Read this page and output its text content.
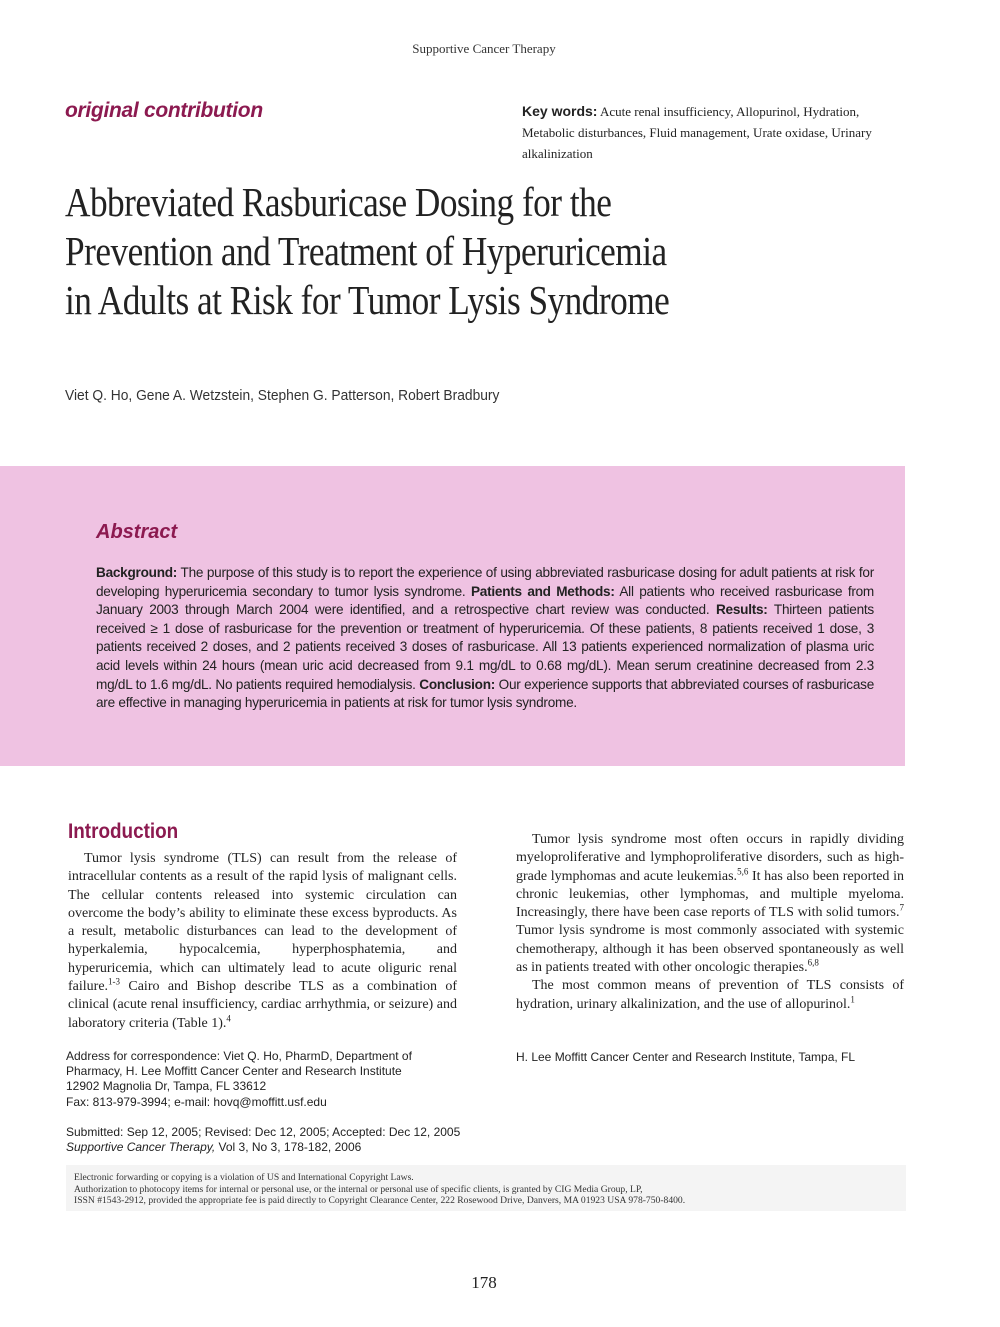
Supportive Cancer Therapy
original contribution	Key words: Acute renal insufficiency, Allopurinol, Hydration,
Metabolic disturbances, Fluid management, Urate oxidase, Urinary alkalinization
Abbreviated Rasburicase Dosing for the
Prevention and Treatment of Hyperuricemia
in Adults at Risk for Tumor Lysis Syndrome
Viet Q. Ho, Gene A. Wetzstein, Stephen G. Patterson, Robert Bradbury
Abstract
Background: The purpose of this study is to report the experience of using abbreviated rasburicase dosing for adult patients at risk for developing hyperuricemia secondary to tumor lysis syndrome. Patients and Methods: All patients who received rasburicase from January 2003 through March 2004 were identified, and a retrospective chart review was conducted. Results: Thirteen patients received ≥ 1 dose of rasburicase for the prevention or treatment of hyperuricemia. Of these patients, 8 patients received 1 dose, 3 patients received 2 doses, and 2 patients received 3 doses of rasburicase. All 13 patients experienced normalization of plasma uric acid levels within 24 hours (mean uric acid decreased from 9.1 mg/dL to 0.68 mg/dL). Mean serum creatinine decreased from 2.3 mg/dL to 1.6 mg/dL. No patients required hemodialysis. Conclusion: Our experience supports that abbreviated courses of rasburicase are effective in managing hyperuricemia in patients at risk for tumor lysis syndrome.
Introduction

Tumor lysis syndrome (TLS) can result from the release of intracellular contents as a result of the rapid lysis of malignant cells. The cellular contents released into systemic circulation can overcome the body’s ability to eliminate these excess byproducts. As a result, metabolic disturbances can lead to the development of hyperkalemia, hypocalcemia, hyperphosphatemia, and hyperuricemia, which can ultimately lead to acute oliguric renal failure.$^{1-3}$ Cairo and Bishop describe TLS as a combination of clinical (acute renal insufficiency, cardiac arrhythmia, or seizure) and laboratory criteria (Table 1).$^4$

Tumor lysis syndrome most often occurs in rapidly dividing myeloproliferative and lymphoproliferative disorders, such as high-grade lymphomas and acute leukemias.$^{5,6}$ It has also been reported in chronic leukemias, other lymphomas, and multiple myeloma. Increasingly, there have been case reports of TLS with solid tumors.$^7$ Tumor lysis syndrome is most commonly associated with systemic chemotherapy, although it has been observed spontaneously as well as in patients treated with other oncologic therapies.$^{6,8}$

The most common means of prevention of TLS consists of hydration, urinary alkalinization, and the use of allopurinol.$^1$

Address for correspondence: Viet Q. Ho, PharmD, Department of
Pharmacy, H. Lee Moffitt Cancer Center and Research Institute
12902 Magnolia Dr, Tampa, FL 33612
Fax: 813-979-3994; e-mail: hovq@moffitt.usf.edu
Submitted: Sep 12, 2005; Revised: Dec 12, 2005; Accepted: Dec 12, 2005
Supportive Cancer Therapy, Vol 3, No 3, 178-182, 2006
H. Lee Moffitt Cancer Center and Research Institute, Tampa, FL
Electronic forwarding or copying is a violation of US and International Copyright Laws.
Authorization to photocopy items for internal or personal use, or the internal or personal use of specific clients, is granted by CIG Media Group, LP,
ISSN #1543-2912, provided the appropriate fee is paid directly to Copyright Clearance Center, 222 Rosewood Drive, Danvers, MA 01923 USA 978-750-8400.
178
